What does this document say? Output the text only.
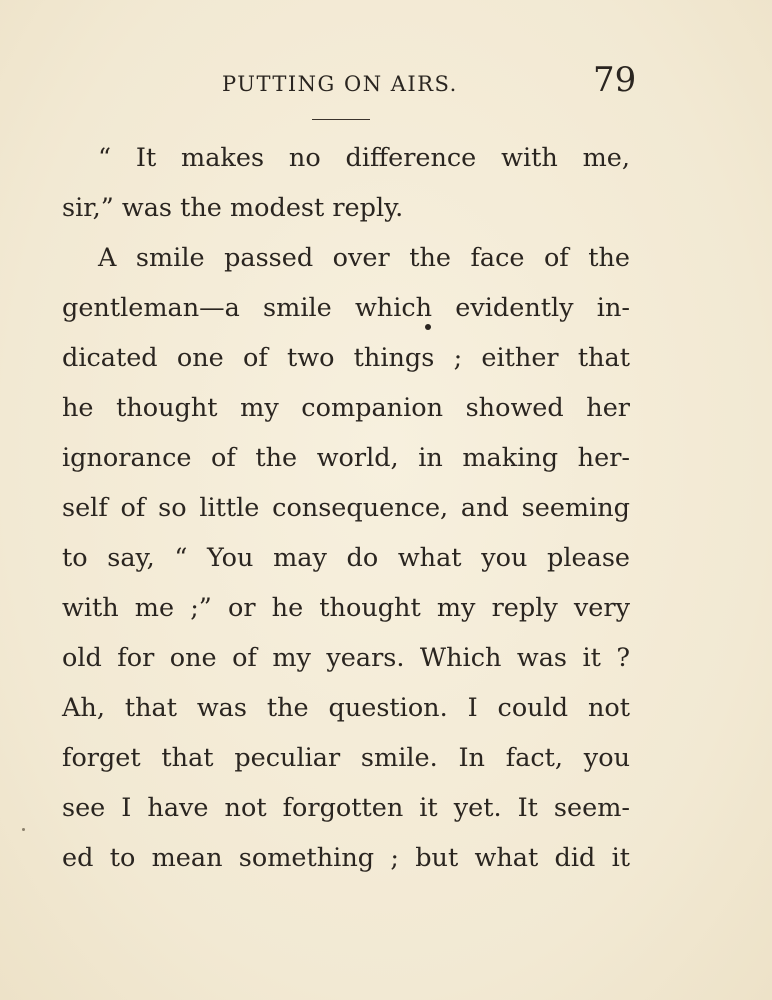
PUTTING ON AIRS.	79
“ It makes no difference with me,
sir,” was the modest reply.
A smile passed over the face of the
gentleman—a smile which evidently in-
dicated one of two things ; either that
he thought my companion showed her
ignorance of the world, in making her-
self of so little consequence, and seeming
to say, “ You may do what you please
with me ;” or he thought my reply very
old for one of my years. Which was it ?
Ah, that was the question. I could not
forget that peculiar smile. In fact, you
see I have not forgotten it yet. It seem-
ed to mean something ; but what did it
